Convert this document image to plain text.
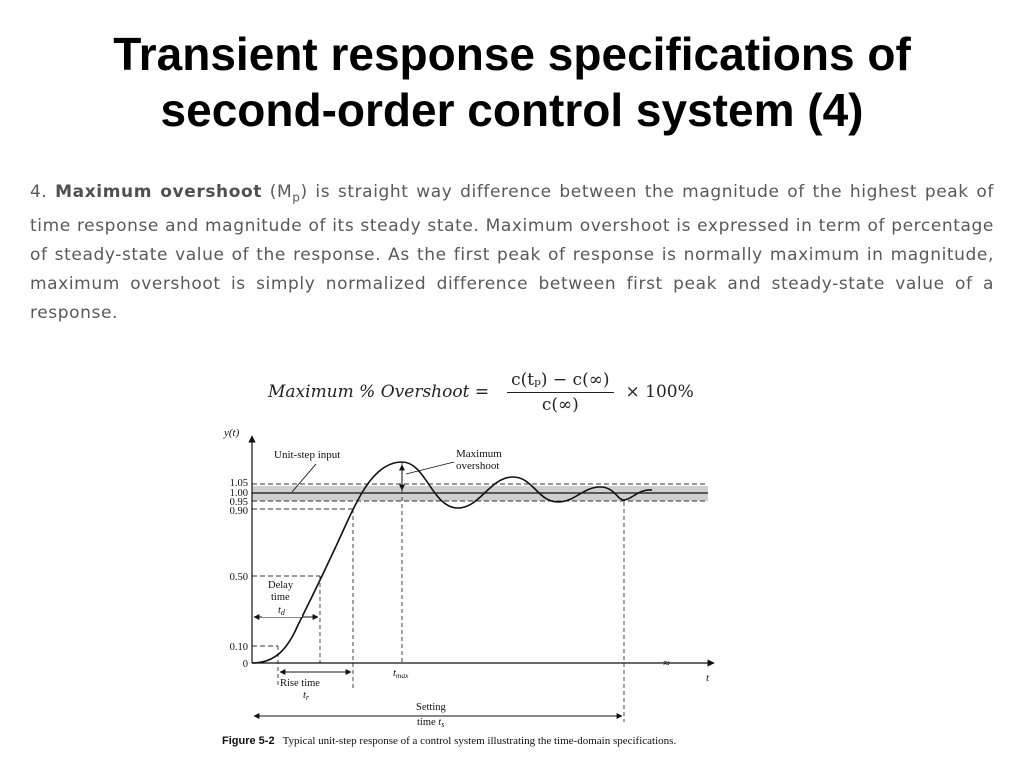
Transient response specifications of
second-order control system (4)

4. Maximum overshoot $(M_p)$ is straight way difference between the magnitude of the highest peak of time response and magnitude of its steady state. Maximum overshoot is expressed in term of percentage of steady-state value of the response. As the first peak of response is normally maximum in magnitude, maximum overshoot is simply normalized difference between first peak and steady-state value of a response.

Maximum % Overshoot = $\frac{\text{c(tₚ) − c(∞)}}{c(\infty)} \times 100\%$
≈
y(t)
t
1.05
1.00
0.95
0.90
0.50
0.10
0
Unit-step input	Maximum
overshoot
Delay
time
td
Rise time
tr
tmax
Setting
time ts
Figure 5-2 Typical unit-step response of a control system illustrating the time-domain specifications.
